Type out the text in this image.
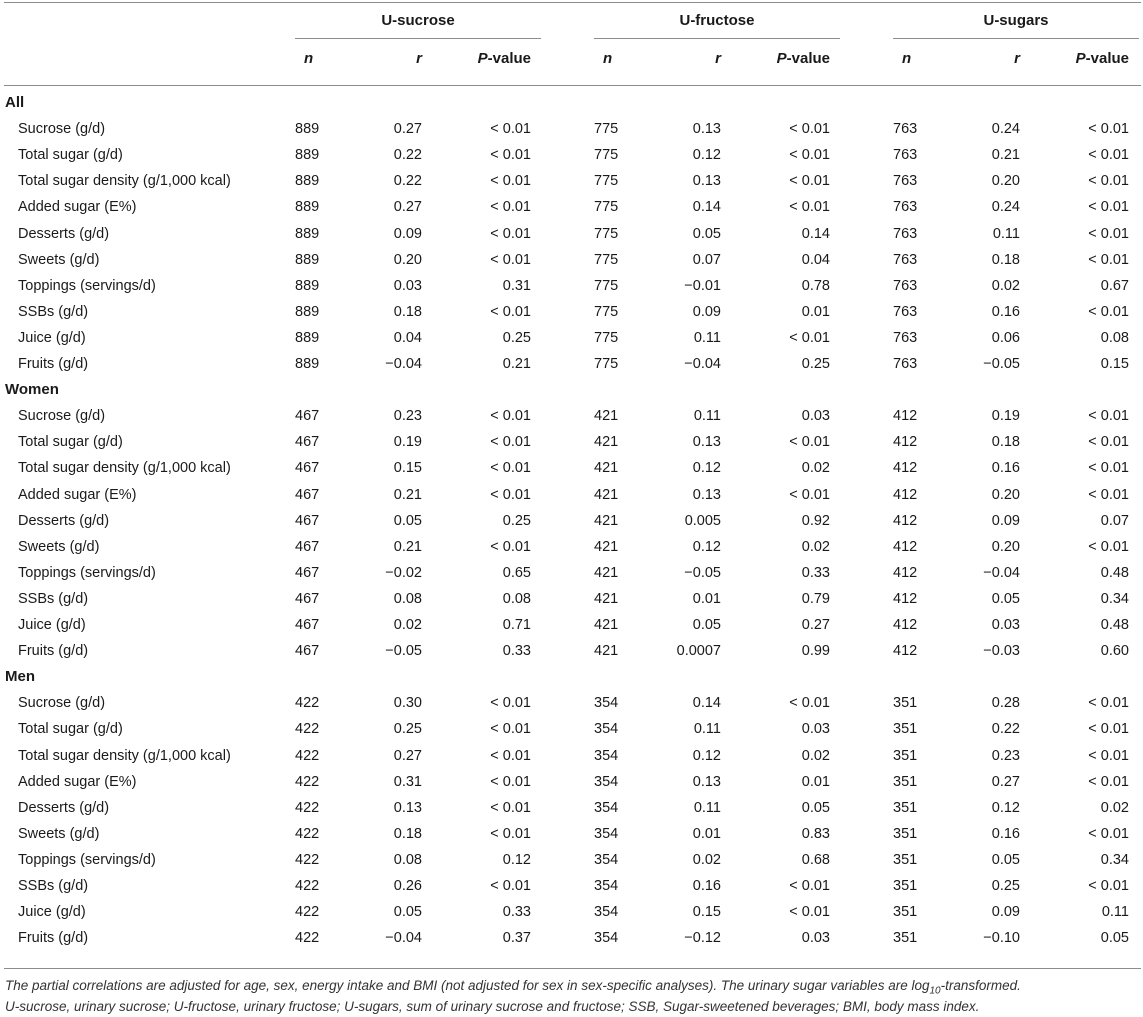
U-sucrose	U-fructose	U-sugars
n	r	P-value	n	r	P-value	n	r	P-value
All
Sucrose (g/d)	889	0.27	< 0.01	775	0.13	< 0.01	763	0.24	< 0.01
Total sugar (g/d)	889	0.22	< 0.01	775	0.12	< 0.01	763	0.21	< 0.01
Total sugar density (g/1,000 kcal)	889	0.22	< 0.01	775	0.13	< 0.01	763	0.20	< 0.01
Added sugar (E%)	889	0.27	< 0.01	775	0.14	< 0.01	763	0.24	< 0.01
Desserts (g/d)	889	0.09	< 0.01	775	0.05	0.14	763	0.11	< 0.01
Sweets (g/d)	889	0.20	< 0.01	775	0.07	0.04	763	0.18	< 0.01
Toppings (servings/d)	889	0.03	0.31	775	−0.01	0.78	763	0.02	0.67
SSBs (g/d)	889	0.18	< 0.01	775	0.09	0.01	763	0.16	< 0.01
Juice (g/d)	889	0.04	0.25	775	0.11	< 0.01	763	0.06	0.08
Fruits (g/d)	889	−0.04	0.21	775	−0.04	0.25	763	−0.05	0.15
Women
Sucrose (g/d)	467	0.23	< 0.01	421	0.11	0.03	412	0.19	< 0.01
Total sugar (g/d)	467	0.19	< 0.01	421	0.13	< 0.01	412	0.18	< 0.01
Total sugar density (g/1,000 kcal)	467	0.15	< 0.01	421	0.12	0.02	412	0.16	< 0.01
Added sugar (E%)	467	0.21	< 0.01	421	0.13	< 0.01	412	0.20	< 0.01
Desserts (g/d)	467	0.05	0.25	421	0.005	0.92	412	0.09	0.07
Sweets (g/d)	467	0.21	< 0.01	421	0.12	0.02	412	0.20	< 0.01
Toppings (servings/d)	467	−0.02	0.65	421	−0.05	0.33	412	−0.04	0.48
SSBs (g/d)	467	0.08	0.08	421	0.01	0.79	412	0.05	0.34
Juice (g/d)	467	0.02	0.71	421	0.05	0.27	412	0.03	0.48
Fruits (g/d)	467	−0.05	0.33	421	0.0007	0.99	412	−0.03	0.60
Men
Sucrose (g/d)	422	0.30	< 0.01	354	0.14	< 0.01	351	0.28	< 0.01
Total sugar (g/d)	422	0.25	< 0.01	354	0.11	0.03	351	0.22	< 0.01
Total sugar density (g/1,000 kcal)	422	0.27	< 0.01	354	0.12	0.02	351	0.23	< 0.01
Added sugar (E%)	422	0.31	< 0.01	354	0.13	0.01	351	0.27	< 0.01
Desserts (g/d)	422	0.13	< 0.01	354	0.11	0.05	351	0.12	0.02
Sweets (g/d)	422	0.18	< 0.01	354	0.01	0.83	351	0.16	< 0.01
Toppings (servings/d)	422	0.08	0.12	354	0.02	0.68	351	0.05	0.34
SSBs (g/d)	422	0.26	< 0.01	354	0.16	< 0.01	351	0.25	< 0.01
Juice (g/d)	422	0.05	0.33	354	0.15	< 0.01	351	0.09	0.11
Fruits (g/d)	422	−0.04	0.37	354	−0.12	0.03	351	−0.10	0.05
The partial correlations are adjusted for age, sex, energy intake and BMI (not adjusted for sex in sex-specific analyses). The urinary sugar variables are $\log_{10}$-transformed.
U-sucrose, urinary sucrose; U-fructose, urinary fructose; U-sugars, sum of urinary sucrose and fructose; SSB, Sugar-sweetened beverages; BMI, body mass index.
